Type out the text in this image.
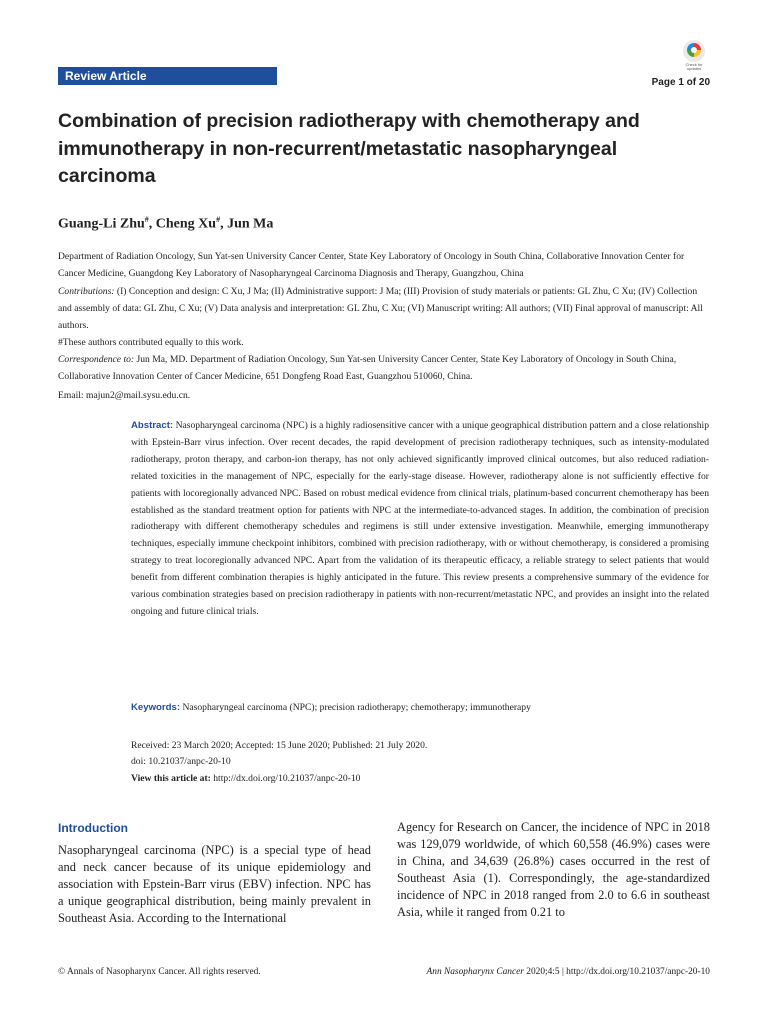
Review Article
Check for updates
Page 1 of 20
Combination of precision radiotherapy with chemotherapy and immunotherapy in non-recurrent/metastatic nasopharyngeal carcinoma
Guang-Li Zhu#, Cheng Xu#, Jun Ma
Department of Radiation Oncology, Sun Yat-sen University Cancer Center, State Key Laboratory of Oncology in South China, Collaborative Innovation Center for Cancer Medicine, Guangdong Key Laboratory of Nasopharyngeal Carcinoma Diagnosis and Therapy, Guangzhou, China
Contributions: (I) Conception and design: C Xu, J Ma; (II) Administrative support: J Ma; (III) Provision of study materials or patients: GL Zhu, C Xu; (IV) Collection and assembly of data: GL Zhu, C Xu; (V) Data analysis and interpretation: GL Zhu, C Xu; (VI) Manuscript writing: All authors; (VII) Final approval of manuscript: All authors.
#These authors contributed equally to this work.
Correspondence to: Jun Ma, MD. Department of Radiation Oncology, Sun Yat-sen University Cancer Center, State Key Laboratory of Oncology in South China, Collaborative Innovation Center of Cancer Medicine, 651 Dongfeng Road East, Guangzhou 510060, China.
Email: majun2@mail.sysu.edu.cn.
Abstract: Nasopharyngeal carcinoma (NPC) is a highly radiosensitive cancer with a unique geographical distribution pattern and a close relationship with Epstein-Barr virus infection. Over recent decades, the rapid development of precision radiotherapy techniques, such as intensity-modulated radiotherapy, proton therapy, and carbon-ion therapy, has not only achieved significantly improved clinical outcomes, but also reduced radiation-related toxicities in the management of NPC, especially for the early-stage disease. However, radiotherapy alone is not sufficiently effective for patients with locoregionally advanced NPC. Based on robust medical evidence from clinical trials, platinum-based concurrent chemotherapy has been established as the standard treatment option for patients with NPC at the intermediate-to-advanced stages. In addition, the combination of precision radiotherapy with different chemotherapy schedules and regimens is still under extensive investigation. Meanwhile, emerging immunotherapy techniques, especially immune checkpoint inhibitors, combined with precision radiotherapy, with or without chemotherapy, is considered a promising strategy to treat locoregionally advanced NPC. Apart from the validation of its therapeutic efficacy, a reliable strategy to select patients that would benefit from different combination therapies is highly anticipated in the future. This review presents a comprehensive summary of the evidence for various combination strategies based on precision radiotherapy in patients with non-recurrent/metastatic NPC, and provides an insight into the related ongoing and future clinical trials.
Keywords: Nasopharyngeal carcinoma (NPC); precision radiotherapy; chemotherapy; immunotherapy
Received: 23 March 2020; Accepted: 15 June 2020; Published: 21 July 2020.
doi: 10.21037/anpc-20-10
View this article at: http://dx.doi.org/10.21037/anpc-20-10
Introduction
Nasopharyngeal carcinoma (NPC) is a special type of head and neck cancer because of its unique epidemiology and association with Epstein-Barr virus (EBV) infection. NPC has a unique geographical distribution, being mainly prevalent in Southeast Asia. According to the International
Agency for Research on Cancer, the incidence of NPC in 2018 was 129,079 worldwide, of which 60,558 (46.9%) cases were in China, and 34,639 (26.8%) cases occurred in the rest of Southeast Asia (1). Correspondingly, the age-standardized incidence of NPC in 2018 ranged from 2.0 to 6.6 in southeast Asia, while it ranged from 0.21 to
© Annals of Nasopharynx Cancer. All rights reserved.	Ann Nasopharynx Cancer 2020;4:5 | http://dx.doi.org/10.21037/anpc-20-10
